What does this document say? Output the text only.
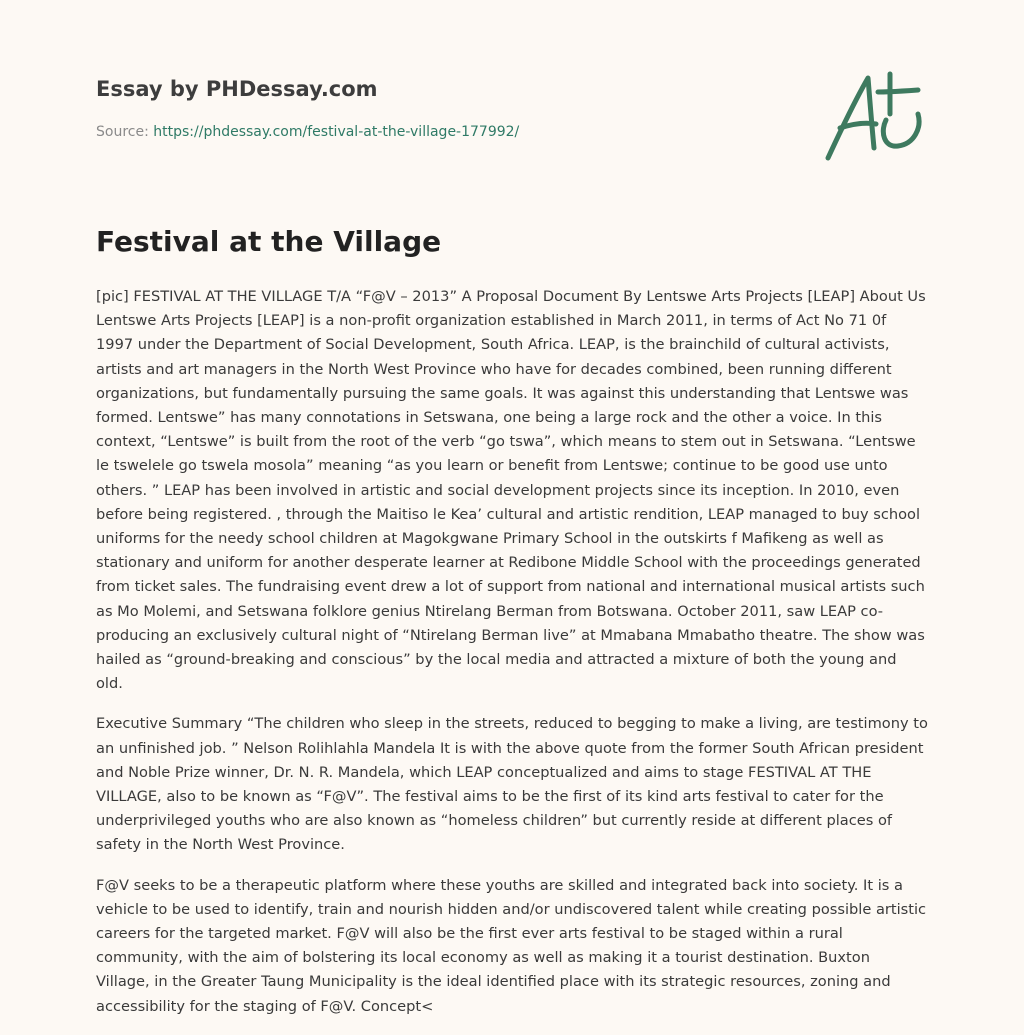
Essay by PHDessay.com
Source: https://phdessay.com/festival-at-the-village-177992/
Festival at the Village

[pic] FESTIVAL AT THE VILLAGE T/A “F@V – 2013” A Proposal Document By Lentswe Arts Projects [LEAP] About Us Lentswe Arts Projects [LEAP] is a non-profit organization established in March 2011, in terms of Act No 71 0f 1997 under the Department of Social Development, South Africa. LEAP, is the brainchild of cultural activists, artists and art managers in the North West Province who have for decades combined, been running different organizations, but fundamentally pursuing the same goals. It was against this understanding that Lentswe was formed. Lentswe” has many connotations in Setswana, one being a large rock and the other a voice. In this context, “Lentswe” is built from the root of the verb “go tswa”, which means to stem out in Setswana. “Lentswe le tswelele go tswela mosola” meaning “as you learn or benefit from Lentswe; continue to be good use unto others. ” LEAP has been involved in artistic and social development projects since its inception. In 2010, even before being registered. , through the Maitiso le Kea’ cultural and artistic rendition, LEAP managed to buy school uniforms for the needy school children at Magokgwane Primary School in the outskirts f Mafikeng as well as stationary and uniform for another desperate learner at Redibone Middle School with the proceedings generated from ticket sales. The fundraising event drew a lot of support from national and international musical artists such as Mo Molemi, and Setswana folklore genius Ntirelang Berman from Botswana. October 2011, saw LEAP co-producing an exclusively cultural night of “Ntirelang Berman live” at Mmabana Mmabatho theatre. The show was hailed as “ground-breaking and conscious” by the local media and attracted a mixture of both the young and old.

Executive Summary “The children who sleep in the streets, reduced to begging to make a living, are testimony to an unfinished job. ” Nelson Rolihlahla Mandela It is with the above quote from the former South African president and Noble Prize winner, Dr. N. R. Mandela, which LEAP conceptualized and aims to stage FESTIVAL AT THE VILLAGE, also to be known as “F@V”. The festival aims to be the first of its kind arts festival to cater for the underprivileged youths who are also known as “homeless children” but currently reside at different places of safety in the North West Province.

F@V seeks to be a therapeutic platform where these youths are skilled and integrated back into society. It is a vehicle to be used to identify, train and nourish hidden and/or undiscovered talent while creating possible artistic careers for the targeted market. F@V will also be the first ever arts festival to be staged within a rural community, with the aim of bolstering its local economy as well as making it a tourist destination. Buxton Village, in the Greater Taung Municipality is the ideal identified place with its strategic resources, zoning and accessibility for the staging of F@V. Concept<
